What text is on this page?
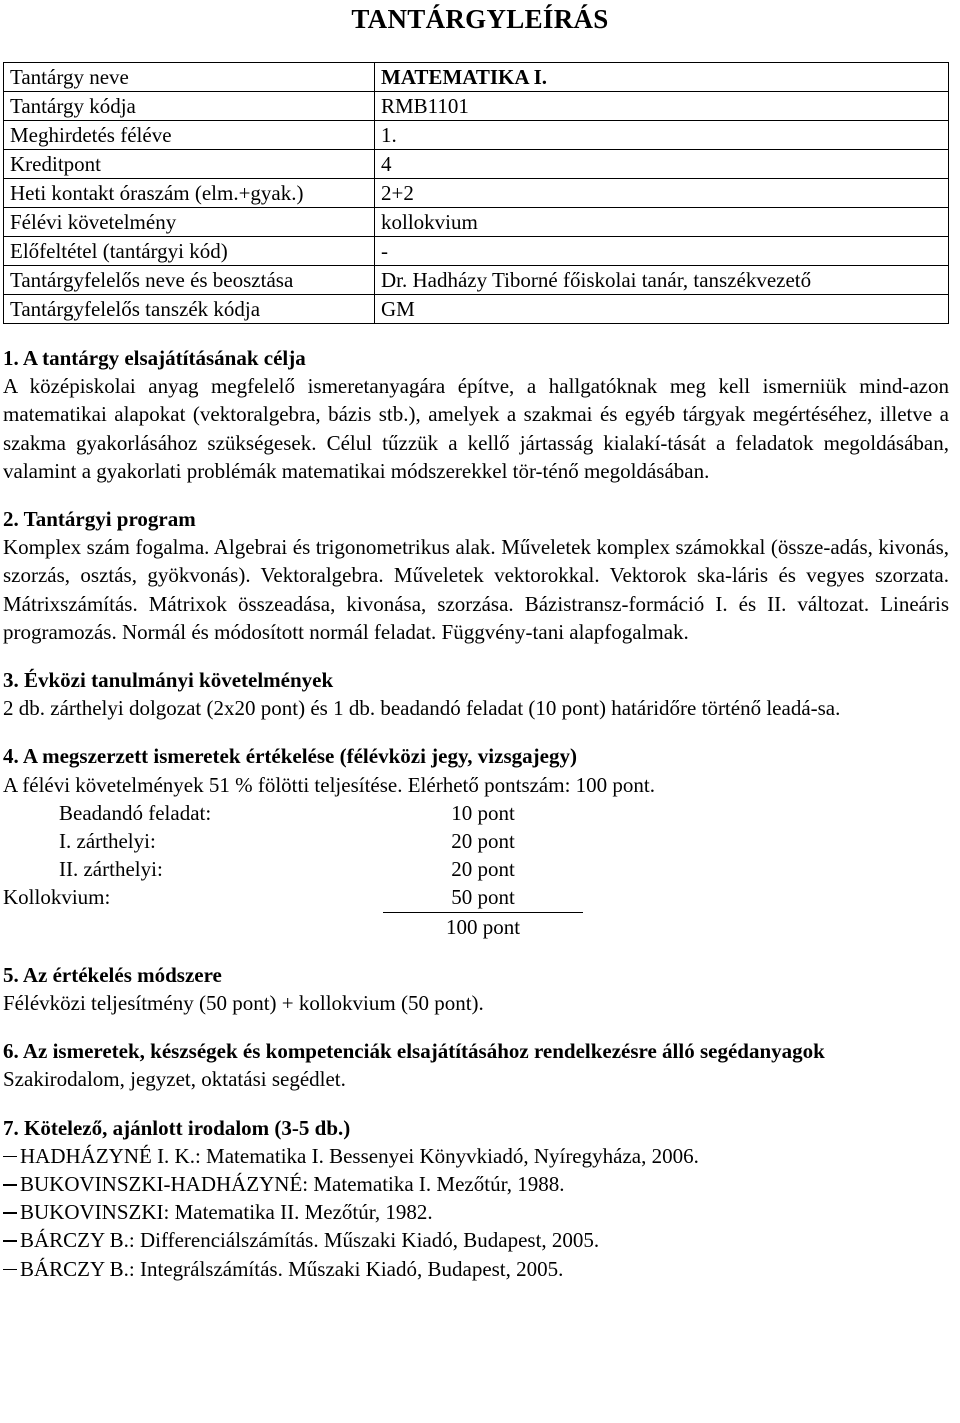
TANTÁRGYLEÍRÁS
Tantárgy neve	MATEMATIKA I.
Tantárgy kódja	RMB1101
Meghirdetés féléve	1.
Kreditpont	4
Heti kontakt óraszám (elm.+gyak.)	2+2
Félévi követelmény	kollokvium
Előfeltétel (tantárgyi kód)	-
Tantárgyfelelős neve és beosztása	Dr. Hadházy Tiborné főiskolai tanár, tanszékvezető
Tantárgyfelelős tanszék kódja	GM
1. A tantárgy elsajátításának célja

A középiskolai anyag megfelelő ismeretanyagára építve, a hallgatóknak meg kell ismerniük mind-azon matematikai alapokat (vektoralgebra, bázis stb.), amelyek a szakmai és egyéb tárgyak megértéséhez, illetve a szakma gyakorlásához szükségesek. Célul tűzzük a kellő jártasság kialakí-tását a feladatok megoldásában, valamint a gyakorlati problémák matematikai módszerekkel tör-ténő megoldásában.

2. Tantárgyi program

Komplex szám fogalma. Algebrai és trigonometrikus alak. Műveletek komplex számokkal (össze-adás, kivonás, szorzás, osztás, gyökvonás). Vektoralgebra. Műveletek vektorokkal. Vektorok ska-láris és vegyes szorzata. Mátrixszámítás. Mátrixok összeadása, kivonása, szorzása. Bázistransz-formáció I. és II. változat. Lineáris programozás. Normál és módosított normál feladat. Függvény-tani alapfogalmak.

3. Évközi tanulmányi követelmények

2 db. zárthelyi dolgozat (2x20 pont) és 1 db. beadandó feladat (10 pont) határidőre történő leadá-sa.

4. A megszerzett ismeretek értékelése (félévközi jegy, vizsgajegy)

A félévi követelmények 51 % fölötti teljesítése. Elérhető pontszám: 100 pont.

Beadandó feladat:	10 pont
I. zárthelyi:	20 pont
II. zárthelyi:	20 pont
Kollokvium:	50 pont
100 pont
5. Az értékelés módszere

Félévközi teljesítmény (50 pont) + kollokvium (50 pont).

6. Az ismeretek, készségek és kompetenciák elsajátításához rendelkezésre álló segédanyagok

Szakirodalom, jegyzet, oktatási segédlet.

7. Kötelező, ajánlott irodalom (3-5 db.)
HADHÁZYNÉ I. K.: Matematika I. Bessenyei Könyvkiadó, Nyíregyháza, 2006.
BUKOVINSZKI-HADHÁZYNÉ: Matematika I. Mezőtúr, 1988.
BUKOVINSZKI: Matematika II. Mezőtúr, 1982.
BÁRCZY B.: Differenciálszámítás. Műszaki Kiadó, Budapest, 2005.
BÁRCZY B.: Integrálszámítás. Műszaki Kiadó, Budapest, 2005.
